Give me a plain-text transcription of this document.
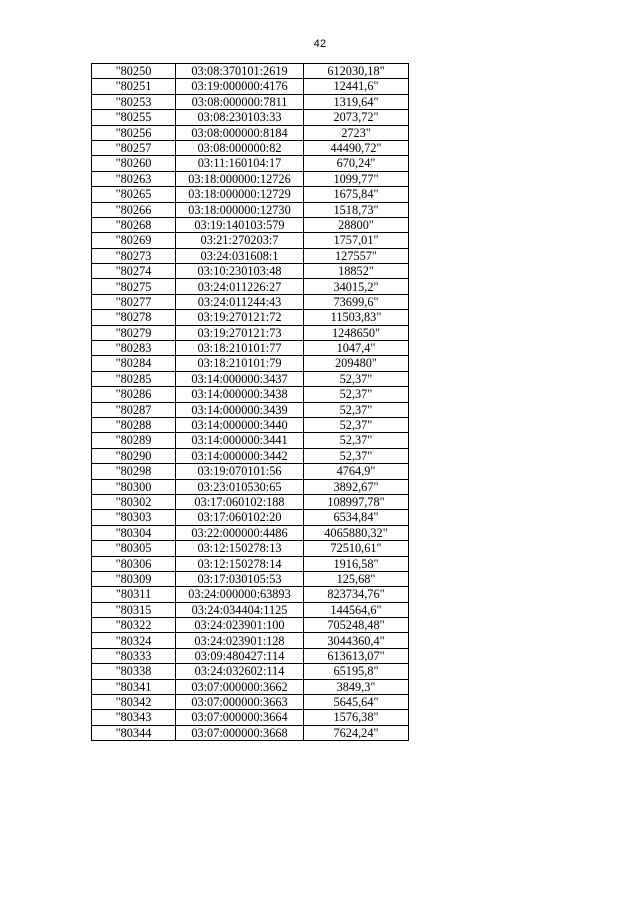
42
"80250	03:08:370101:2619	612030,18"
"80251	03:19:000000:4176	12441,6"
"80253	03:08:000000:7811	1319,64"
"80255	03:08:230103:33	2073,72"
"80256	03:08:000000:8184	2723"
"80257	03:08:000000:82	44490,72"
"80260	03:11:160104:17	670,24"
"80263	03:18:000000:12726	1099,77"
"80265	03:18:000000:12729	1675,84"
"80266	03:18:000000:12730	1518,73"
"80268	03:19:140103:579	28800"
"80269	03:21:270203:7	1757,01"
"80273	03:24:031608:1	127557"
"80274	03:10:230103:48	18852"
"80275	03:24:011226:27	34015,2"
"80277	03:24:011244:43	73699,6"
"80278	03:19:270121:72	11503,83"
"80279	03:19:270121:73	1248650"
"80283	03:18:210101:77	1047,4"
"80284	03:18:210101:79	209480"
"80285	03:14:000000:3437	52,37"
"80286	03:14:000000:3438	52,37"
"80287	03:14:000000:3439	52,37"
"80288	03:14:000000:3440	52,37"
"80289	03:14:000000:3441	52,37"
"80290	03:14:000000:3442	52,37"
"80298	03:19:070101:56	4764,9"
"80300	03:23:010530:65	3892,67"
"80302	03:17:060102:188	108997,78"
"80303	03:17:060102:20	6534,84"
"80304	03:22:000000:4486	4065880,32"
"80305	03:12:150278:13	72510,61"
"80306	03:12:150278:14	1916,58"
"80309	03:17:030105:53	125,68"
"80311	03:24:000000:63893	823734,76"
"80315	03:24:034404:1125	144564,6"
"80322	03:24:023901:100	705248,48"
"80324	03:24:023901:128	3044360,4"
"80333	03:09:480427:114	613613,07"
"80338	03:24:032602:114	65195,8"
"80341	03:07:000000:3662	3849,3"
"80342	03:07:000000:3663	5645,64"
"80343	03:07:000000:3664	1576,38"
"80344	03:07:000000:3668	7624,24"
